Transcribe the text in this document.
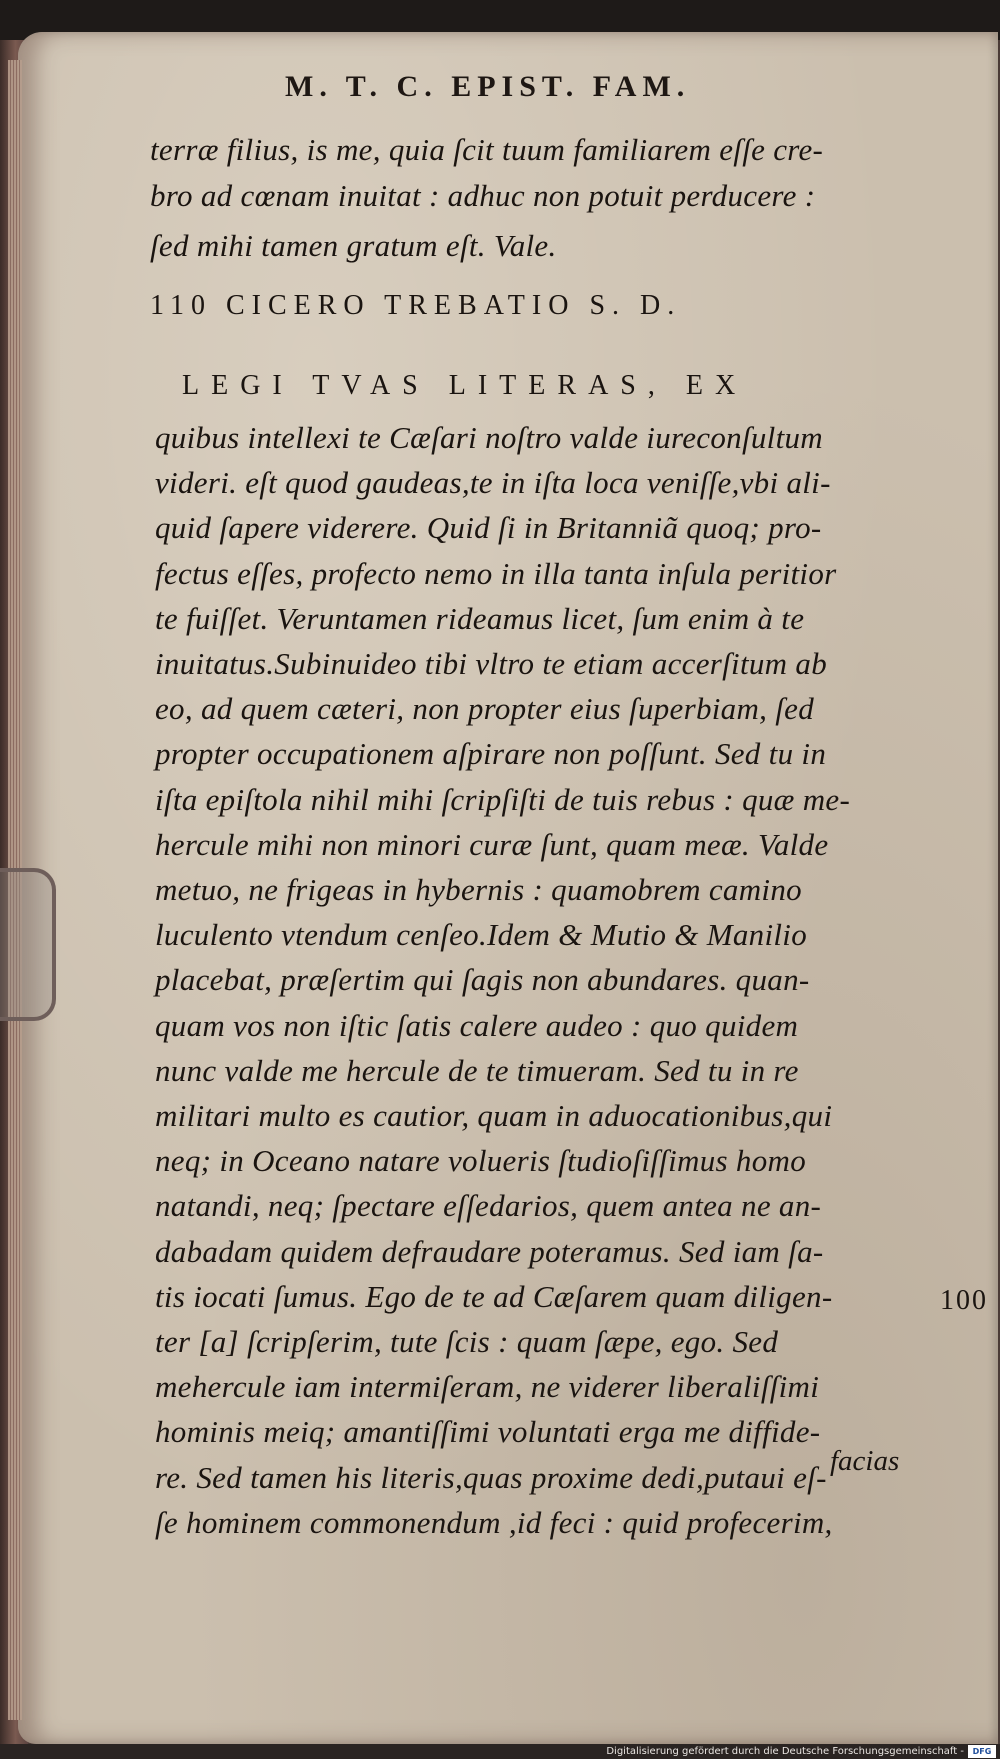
M. T. C. EPIST. FAM.
terræ filius, is me, quia ſcit tuum familiarem eſſe cre-
bro ad cœnam inuitat : adhuc non potuit perducere :
ſed mihi tamen gratum eſt. Vale.
110 CICERO TREBATIO S. D.
LEGI TVAS LITERAS, EX
quibus intellexi te Cæſari noſtro valde iureconſultum
videri. eſt quod gaudeas,te in iſta loca veniſſe,vbi ali-
quid ſapere viderere. Quid ſi in Britanniã quoq; pro-
fectus eſſes, profecto nemo in illa tanta inſula peritior
te fuiſſet. Veruntamen rideamus licet, ſum enim à te
inuitatus.Subinuideo tibi vltro te etiam accerſitum ab
eo, ad quem cæteri, non propter eius ſuperbiam, ſed
propter occupationem aſpirare non poſſunt. Sed tu in
iſta epiſtola nihil mihi ſcripſiſti de tuis rebus : quæ me-
hercule mihi non minori curæ ſunt, quam meæ. Valde
metuo, ne frigeas in hybernis : quamobrem camino
luculento vtendum cenſeo.Idem & Mutio & Manilio
placebat, præſertim qui ſagis non abundares. quan-
quam vos non iſtic ſatis calere audeo : quo quidem
nunc valde me hercule de te timueram. Sed tu in re
militari multo es cautior, quam in aduocationibus,qui
neq; in Oceano natare volueris ſtudioſiſſimus homo
natandi, neq; ſpectare eſſedarios, quem antea ne an-
dabadam quidem defraudare poteramus. Sed iam ſa-
tis iocati ſumus. Ego de te ad Cæſarem quam diligen-
ter [a] ſcripſerim, tute ſcis : quam ſæpe, ego. Sed
mehercule iam intermiſeram, ne viderer liberaliſſimi
hominis meiq; amantiſſimi voluntati erga me diffide-
re. Sed tamen his literis,quas proxime dedi,putaui eſ-
ſe hominem commonendum ,id feci : quid profecerim,
100
facias
Digitalisierung gefördert durch die Deutsche Forschungsgemeinschaft -	DFG
